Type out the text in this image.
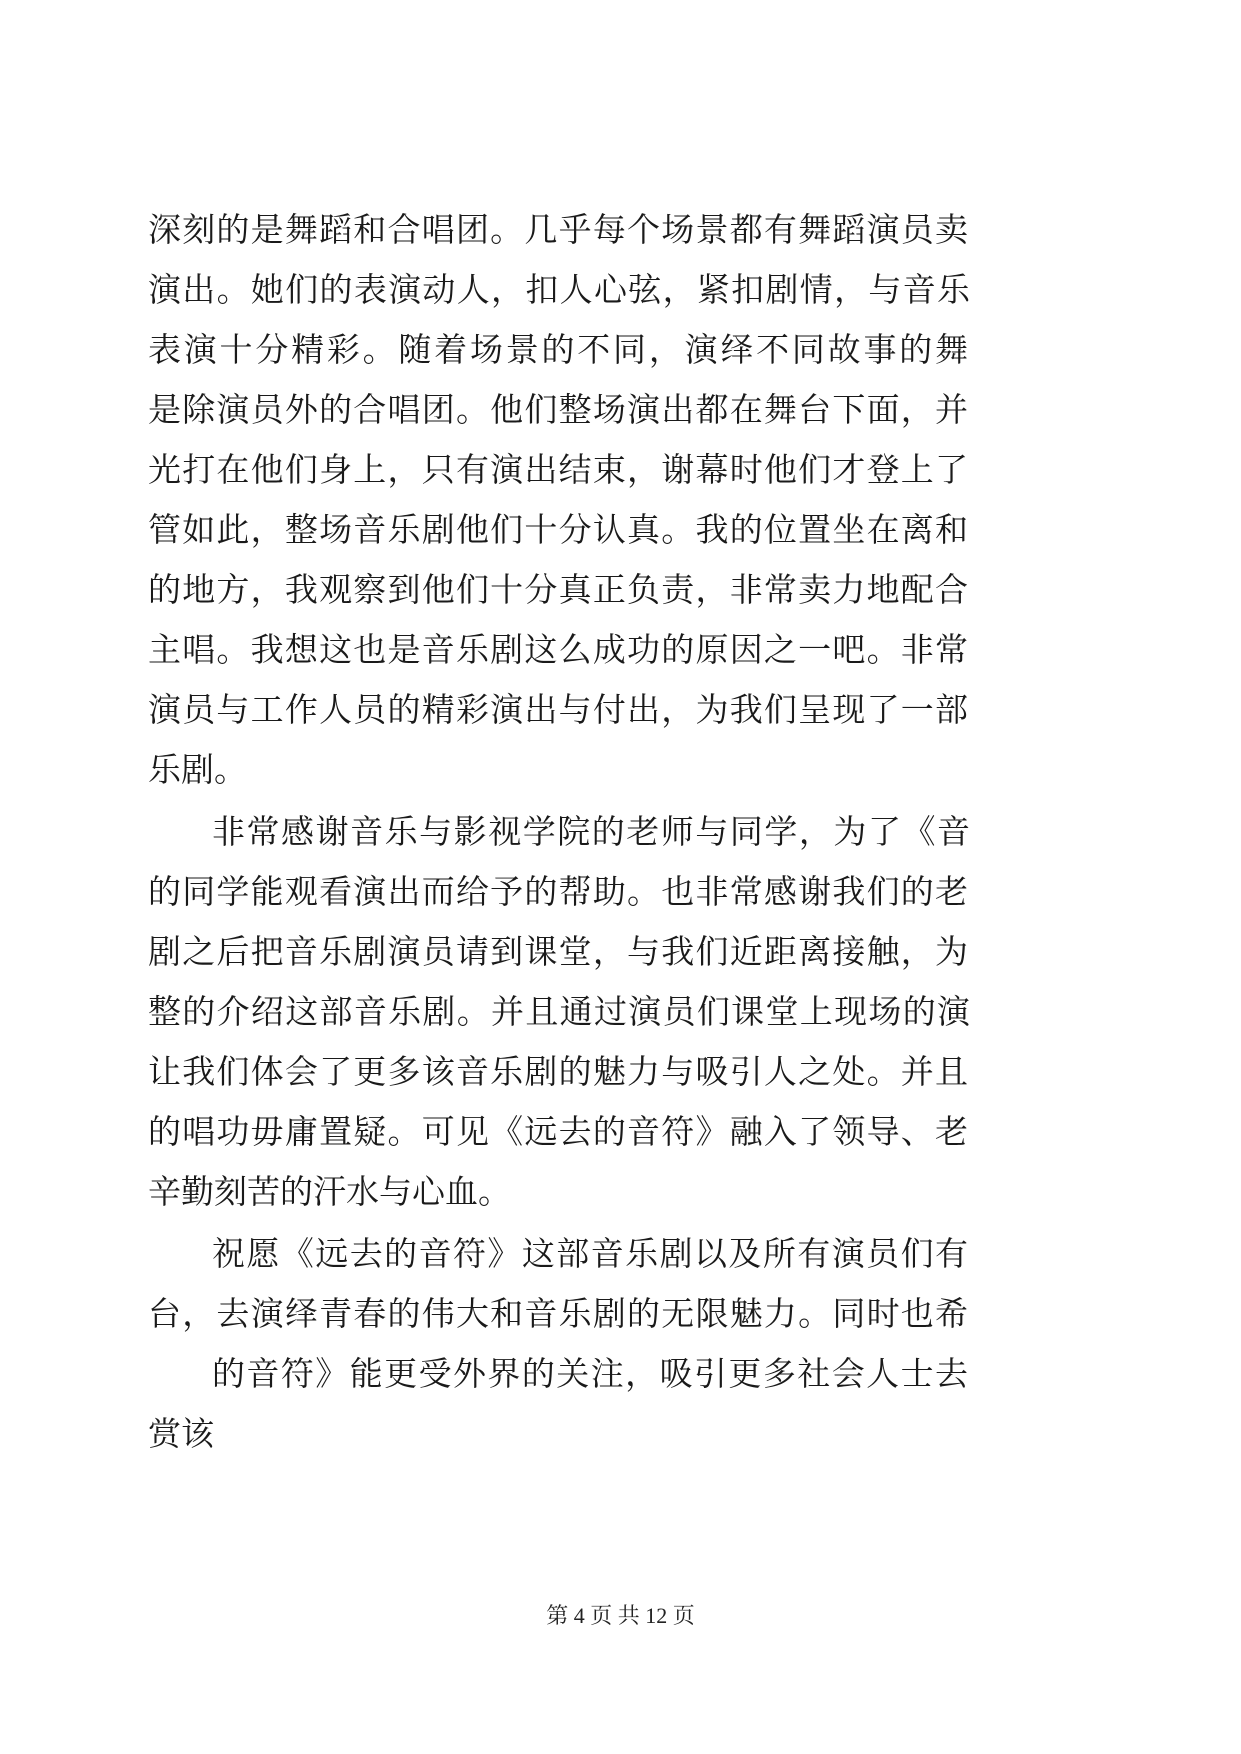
深刻的是舞蹈和合唱团。几乎每个场景都有舞蹈演员卖
演出。她们的表演动人，扣人心弦，紧扣剧情，与音乐
表演十分精彩。随着场景的不同，演绎不同故事的舞
是除演员外的合唱团。他们整场演出都在舞台下面，并
光打在他们身上，只有演出结束，谢幕时他们才登上了
管如此，整场音乐剧他们十分认真。我的位置坐在离和
的地方，我观察到他们十分真正负责，非常卖力地配合
主唱。我想这也是音乐剧这么成功的原因之一吧。非常
演员与工作人员的精彩演出与付出，为我们呈现了一部
乐剧。
非常感谢音乐与影视学院的老师与同学，为了《音
的同学能观看演出而给予的帮助。也非常感谢我们的老
剧之后把音乐剧演员请到课堂，与我们近距离接触，为
整的介绍这部音乐剧。并且通过演员们课堂上现场的演
让我们体会了更多该音乐剧的魅力与吸引人之处。并且
的唱功毋庸置疑。可见《远去的音符》融入了领导、老
辛勤刻苦的汗水与心血。
祝愿《远去的音符》这部音乐剧以及所有演员们有
台，去演绎青春的伟大和音乐剧的无限魅力。同时也希
的音符》能更受外界的关注，吸引更多社会人士去
赏该
第 4 页 共 12 页
